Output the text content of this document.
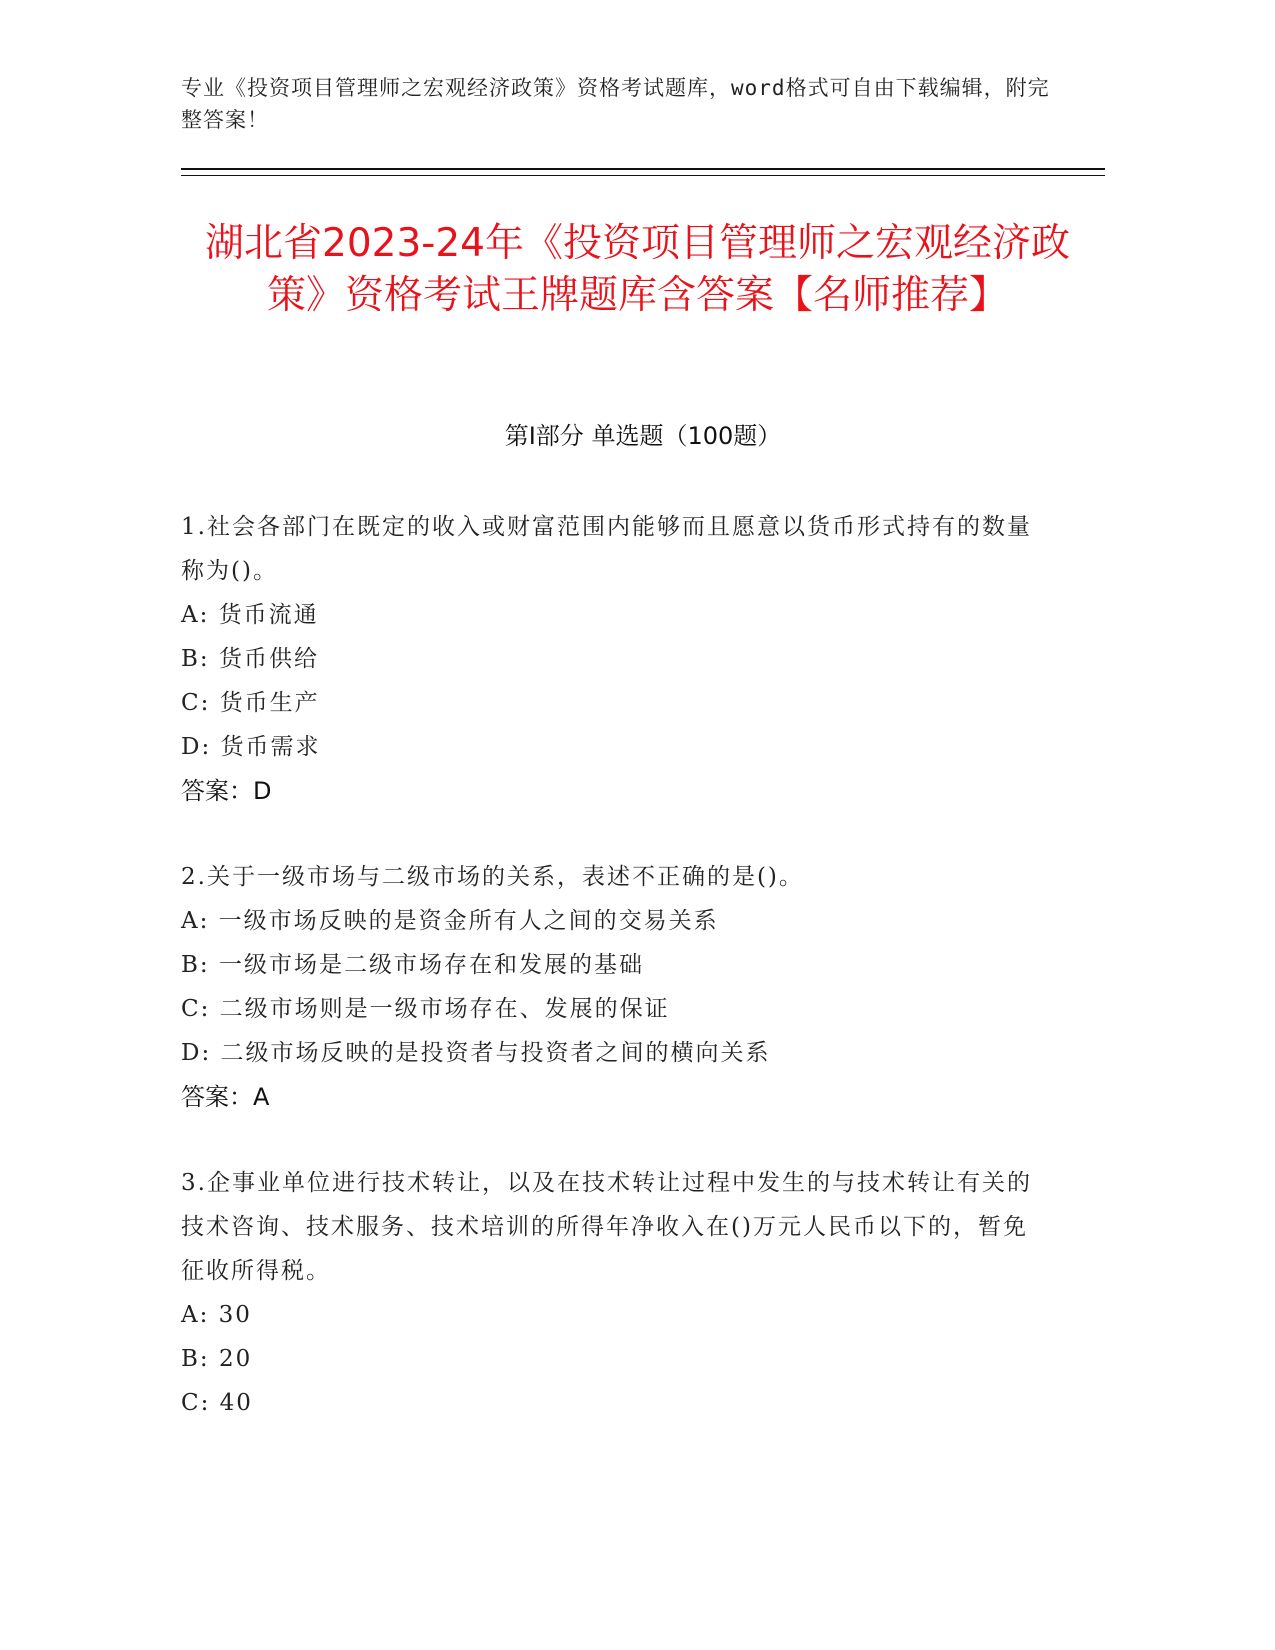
专业《投资项目管理师之宏观经济政策》资格考试题库，word格式可自由下载编辑，附完整答案！
湖北省2023-24年《投资项目管理师之宏观经济政策》资格考试王牌题库含答案【名师推荐】
第Ⅰ部分 单选题（100题）
1.社会各部门在既定的收入或财富范围内能够而且愿意以货币形式持有的数量称为()。
A: 货币流通
B: 货币供给
C: 货币生产
D: 货币需求
答案：D
2.关于一级市场与二级市场的关系，表述不正确的是()。
A: 一级市场反映的是资金所有人之间的交易关系
B: 一级市场是二级市场存在和发展的基础
C: 二级市场则是一级市场存在、发展的保证
D: 二级市场反映的是投资者与投资者之间的横向关系
答案：A
3.企事业单位进行技术转让，以及在技术转让过程中发生的与技术转让有关的技术咨询、技术服务、技术培训的所得年净收入在()万元人民币以下的，暂免征收所得税。
A: 30
B: 20
C: 40
